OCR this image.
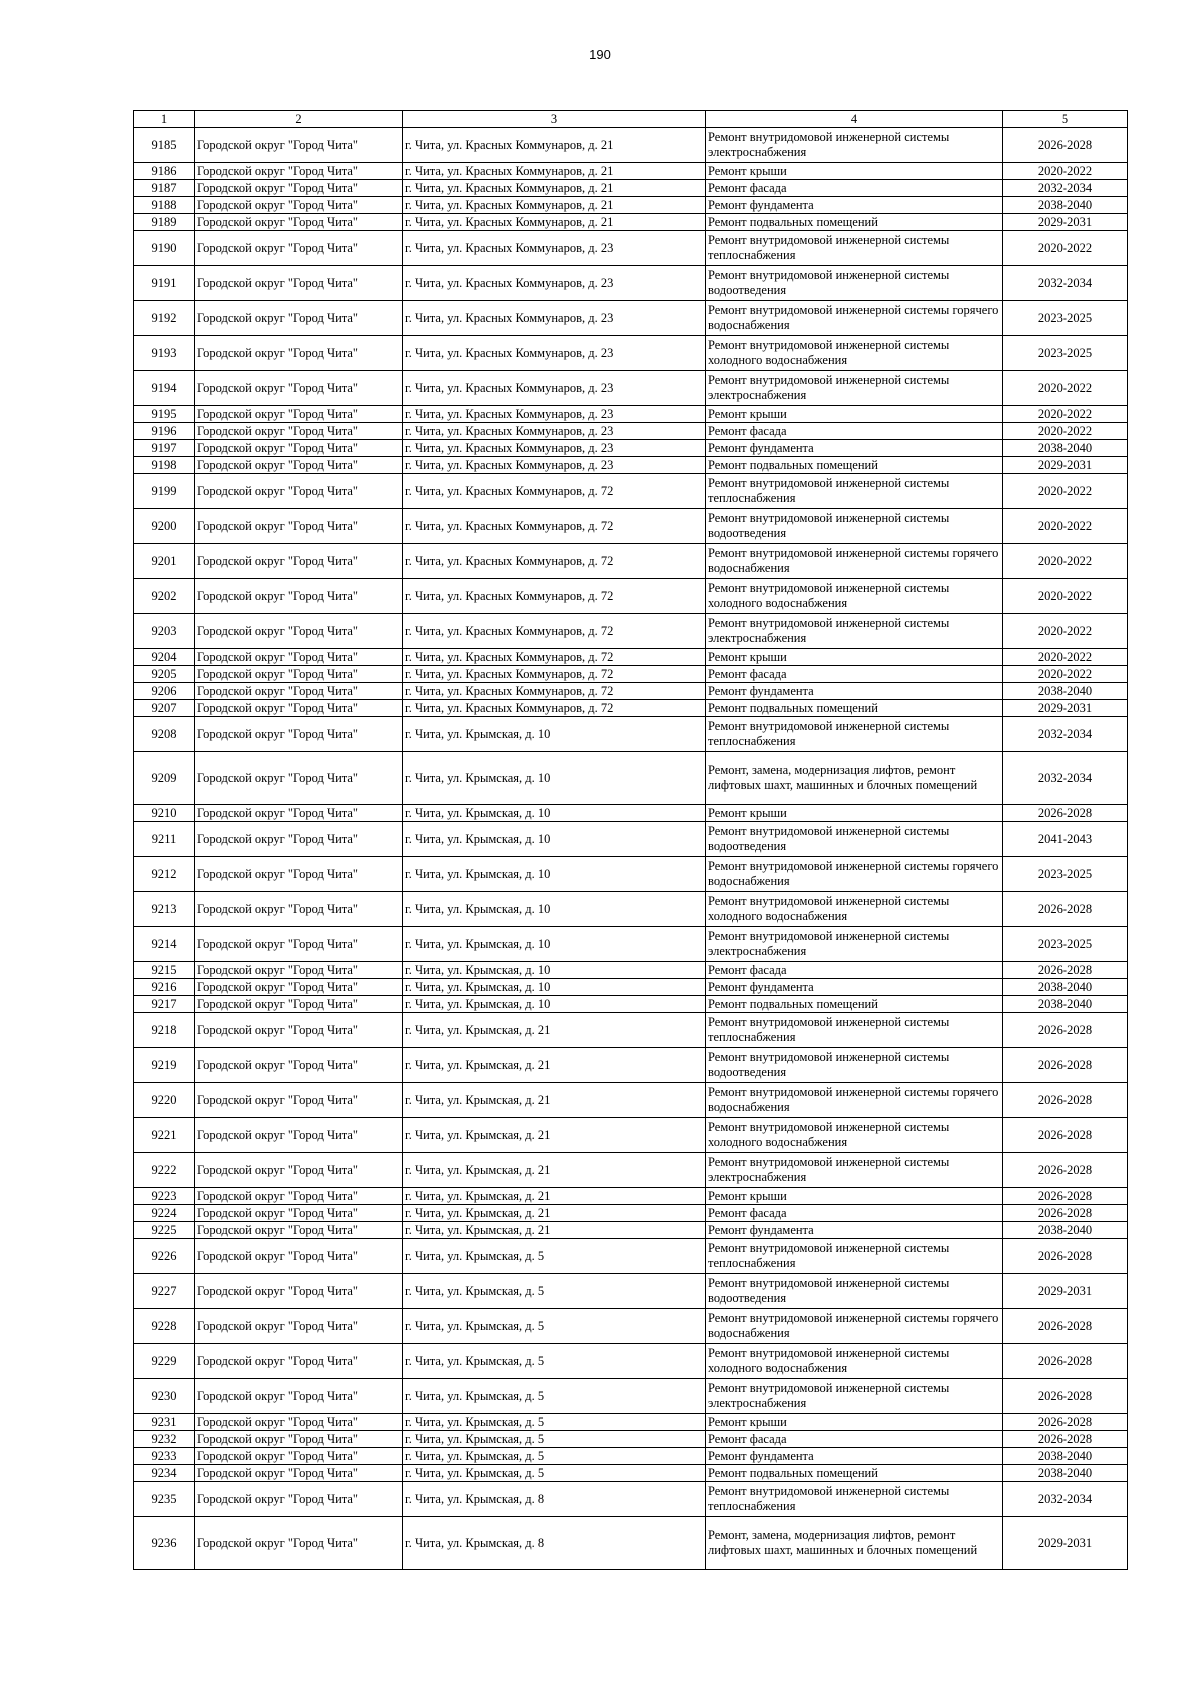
190
1	2	3	4	5
9185	Городской округ "Город Чита"	г. Чита, ул. Красных Коммунаров, д. 21	Ремонт внутридомовой инженерной системы электроснабжения	2026-2028
9186	Городской округ "Город Чита"	г. Чита, ул. Красных Коммунаров, д. 21	Ремонт крыши	2020-2022
9187	Городской округ "Город Чита"	г. Чита, ул. Красных Коммунаров, д. 21	Ремонт фасада	2032-2034
9188	Городской округ "Город Чита"	г. Чита, ул. Красных Коммунаров, д. 21	Ремонт фундамента	2038-2040
9189	Городской округ "Город Чита"	г. Чита, ул. Красных Коммунаров, д. 21	Ремонт подвальных помещений	2029-2031
9190	Городской округ "Город Чита"	г. Чита, ул. Красных Коммунаров, д. 23	Ремонт внутридомовой инженерной системы теплоснабжения	2020-2022
9191	Городской округ "Город Чита"	г. Чита, ул. Красных Коммунаров, д. 23	Ремонт внутридомовой инженерной системы водоотведения	2032-2034
9192	Городской округ "Город Чита"	г. Чита, ул. Красных Коммунаров, д. 23	Ремонт внутридомовой инженерной системы горячего водоснабжения	2023-2025
9193	Городской округ "Город Чита"	г. Чита, ул. Красных Коммунаров, д. 23	Ремонт внутридомовой инженерной системы холодного водоснабжения	2023-2025
9194	Городской округ "Город Чита"	г. Чита, ул. Красных Коммунаров, д. 23	Ремонт внутридомовой инженерной системы электроснабжения	2020-2022
9195	Городской округ "Город Чита"	г. Чита, ул. Красных Коммунаров, д. 23	Ремонт крыши	2020-2022
9196	Городской округ "Город Чита"	г. Чита, ул. Красных Коммунаров, д. 23	Ремонт фасада	2020-2022
9197	Городской округ "Город Чита"	г. Чита, ул. Красных Коммунаров, д. 23	Ремонт фундамента	2038-2040
9198	Городской округ "Город Чита"	г. Чита, ул. Красных Коммунаров, д. 23	Ремонт подвальных помещений	2029-2031
9199	Городской округ "Город Чита"	г. Чита, ул. Красных Коммунаров, д. 72	Ремонт внутридомовой инженерной системы теплоснабжения	2020-2022
9200	Городской округ "Город Чита"	г. Чита, ул. Красных Коммунаров, д. 72	Ремонт внутридомовой инженерной системы водоотведения	2020-2022
9201	Городской округ "Город Чита"	г. Чита, ул. Красных Коммунаров, д. 72	Ремонт внутридомовой инженерной системы горячего водоснабжения	2020-2022
9202	Городской округ "Город Чита"	г. Чита, ул. Красных Коммунаров, д. 72	Ремонт внутридомовой инженерной системы холодного водоснабжения	2020-2022
9203	Городской округ "Город Чита"	г. Чита, ул. Красных Коммунаров, д. 72	Ремонт внутридомовой инженерной системы электроснабжения	2020-2022
9204	Городской округ "Город Чита"	г. Чита, ул. Красных Коммунаров, д. 72	Ремонт крыши	2020-2022
9205	Городской округ "Город Чита"	г. Чита, ул. Красных Коммунаров, д. 72	Ремонт фасада	2020-2022
9206	Городской округ "Город Чита"	г. Чита, ул. Красных Коммунаров, д. 72	Ремонт фундамента	2038-2040
9207	Городской округ "Город Чита"	г. Чита, ул. Красных Коммунаров, д. 72	Ремонт подвальных помещений	2029-2031
9208	Городской округ "Город Чита"	г. Чита, ул. Крымская, д. 10	Ремонт внутридомовой инженерной системы теплоснабжения	2032-2034
9209	Городской округ "Город Чита"	г. Чита, ул. Крымская, д. 10	Ремонт, замена, модернизация лифтов, ремонт лифтовых шахт, машинных и блочных помещений	2032-2034
9210	Городской округ "Город Чита"	г. Чита, ул. Крымская, д. 10	Ремонт крыши	2026-2028
9211	Городской округ "Город Чита"	г. Чита, ул. Крымская, д. 10	Ремонт внутридомовой инженерной системы водоотведения	2041-2043
9212	Городской округ "Город Чита"	г. Чита, ул. Крымская, д. 10	Ремонт внутридомовой инженерной системы горячего водоснабжения	2023-2025
9213	Городской округ "Город Чита"	г. Чита, ул. Крымская, д. 10	Ремонт внутридомовой инженерной системы холодного водоснабжения	2026-2028
9214	Городской округ "Город Чита"	г. Чита, ул. Крымская, д. 10	Ремонт внутридомовой инженерной системы электроснабжения	2023-2025
9215	Городской округ "Город Чита"	г. Чита, ул. Крымская, д. 10	Ремонт фасада	2026-2028
9216	Городской округ "Город Чита"	г. Чита, ул. Крымская, д. 10	Ремонт фундамента	2038-2040
9217	Городской округ "Город Чита"	г. Чита, ул. Крымская, д. 10	Ремонт подвальных помещений	2038-2040
9218	Городской округ "Город Чита"	г. Чита, ул. Крымская, д. 21	Ремонт внутридомовой инженерной системы теплоснабжения	2026-2028
9219	Городской округ "Город Чита"	г. Чита, ул. Крымская, д. 21	Ремонт внутридомовой инженерной системы водоотведения	2026-2028
9220	Городской округ "Город Чита"	г. Чита, ул. Крымская, д. 21	Ремонт внутридомовой инженерной системы горячего водоснабжения	2026-2028
9221	Городской округ "Город Чита"	г. Чита, ул. Крымская, д. 21	Ремонт внутридомовой инженерной системы холодного водоснабжения	2026-2028
9222	Городской округ "Город Чита"	г. Чита, ул. Крымская, д. 21	Ремонт внутридомовой инженерной системы электроснабжения	2026-2028
9223	Городской округ "Город Чита"	г. Чита, ул. Крымская, д. 21	Ремонт крыши	2026-2028
9224	Городской округ "Город Чита"	г. Чита, ул. Крымская, д. 21	Ремонт фасада	2026-2028
9225	Городской округ "Город Чита"	г. Чита, ул. Крымская, д. 21	Ремонт фундамента	2038-2040
9226	Городской округ "Город Чита"	г. Чита, ул. Крымская, д. 5	Ремонт внутридомовой инженерной системы теплоснабжения	2026-2028
9227	Городской округ "Город Чита"	г. Чита, ул. Крымская, д. 5	Ремонт внутридомовой инженерной системы водоотведения	2029-2031
9228	Городской округ "Город Чита"	г. Чита, ул. Крымская, д. 5	Ремонт внутридомовой инженерной системы горячего водоснабжения	2026-2028
9229	Городской округ "Город Чита"	г. Чита, ул. Крымская, д. 5	Ремонт внутридомовой инженерной системы холодного водоснабжения	2026-2028
9230	Городской округ "Город Чита"	г. Чита, ул. Крымская, д. 5	Ремонт внутридомовой инженерной системы электроснабжения	2026-2028
9231	Городской округ "Город Чита"	г. Чита, ул. Крымская, д. 5	Ремонт крыши	2026-2028
9232	Городской округ "Город Чита"	г. Чита, ул. Крымская, д. 5	Ремонт фасада	2026-2028
9233	Городской округ "Город Чита"	г. Чита, ул. Крымская, д. 5	Ремонт фундамента	2038-2040
9234	Городской округ "Город Чита"	г. Чита, ул. Крымская, д. 5	Ремонт подвальных помещений	2038-2040
9235	Городской округ "Город Чита"	г. Чита, ул. Крымская, д. 8	Ремонт внутридомовой инженерной системы теплоснабжения	2032-2034
9236	Городской округ "Город Чита"	г. Чита, ул. Крымская, д. 8	Ремонт, замена, модернизация лифтов, ремонт лифтовых шахт, машинных и блочных помещений	2029-2031
